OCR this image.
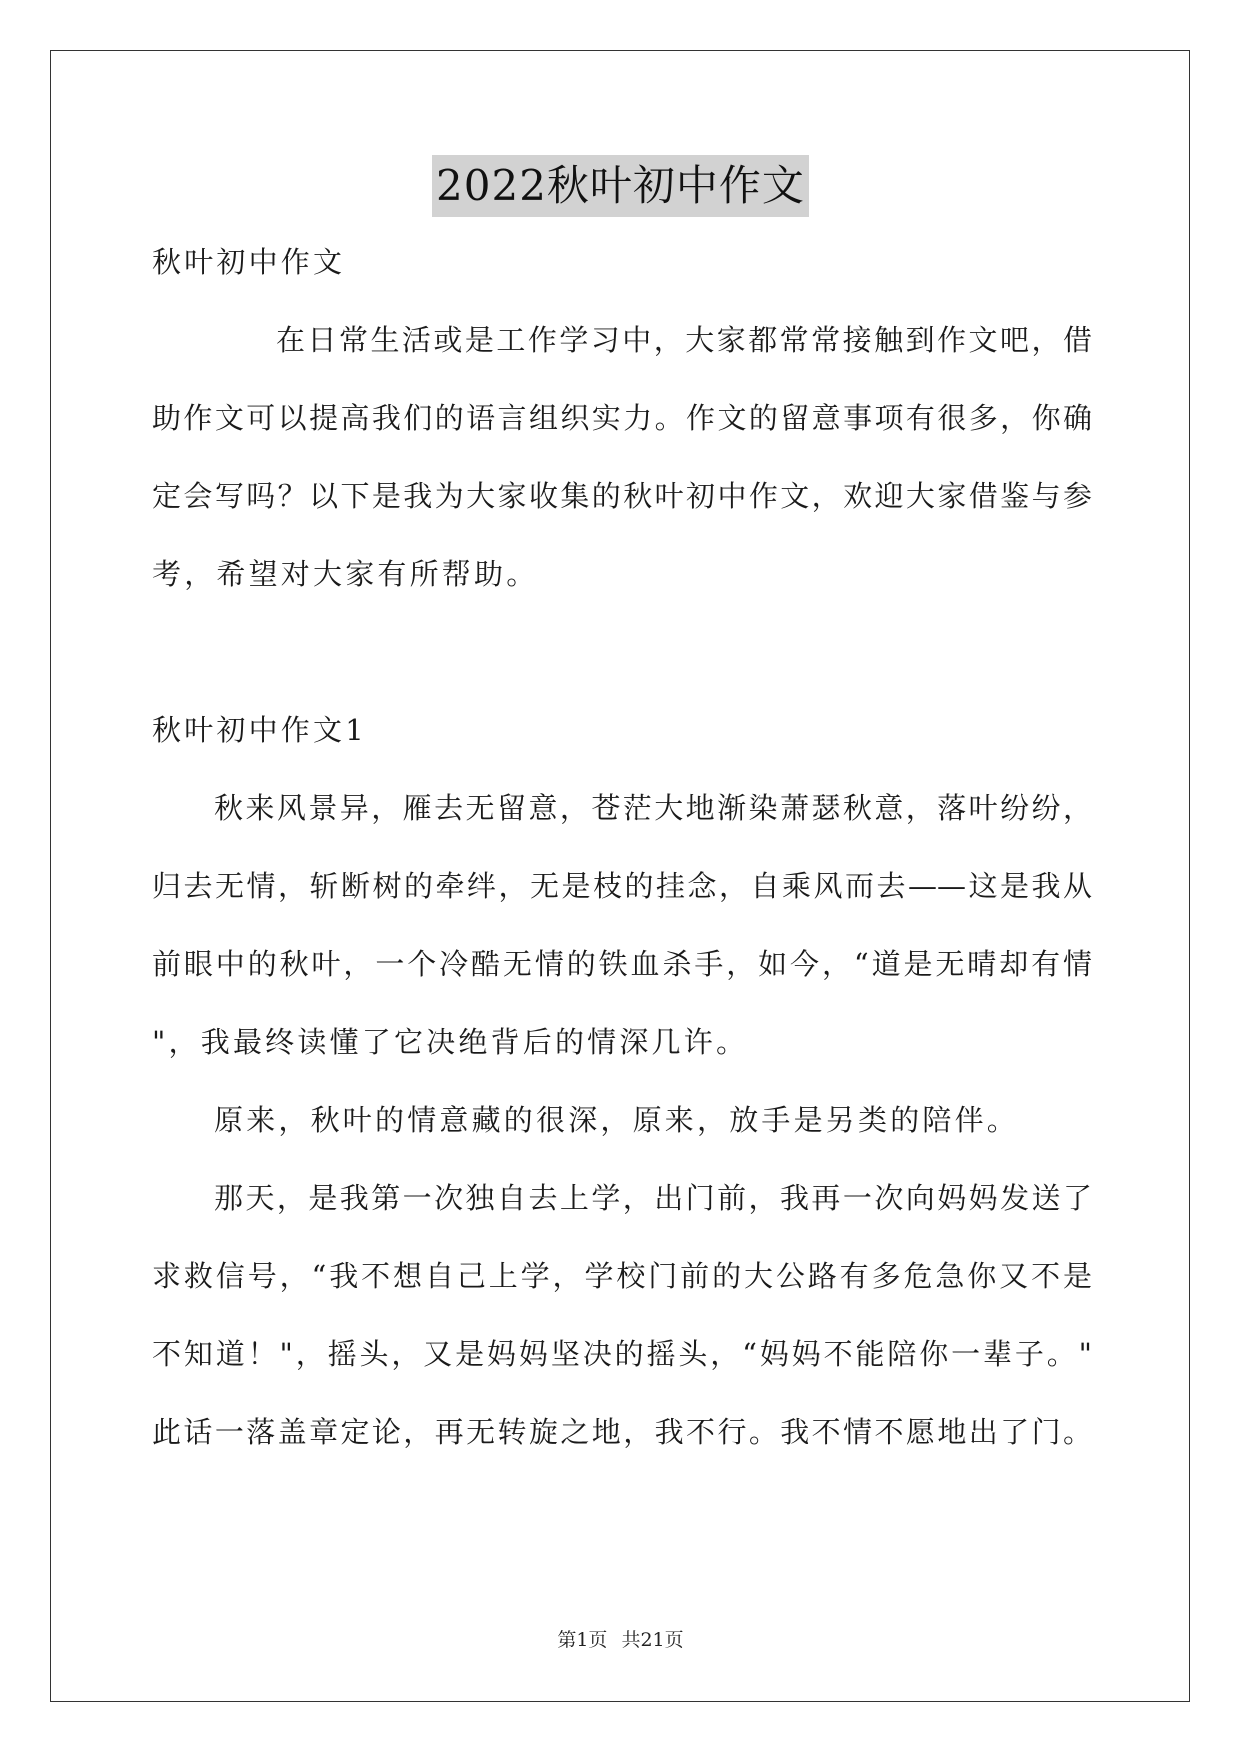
2022秋叶初中作文
秋叶初中作文
在日常生活或是工作学习中，大家都常常接触到作文吧，借
助作文可以提高我们的语言组织实力。作文的留意事项有很多，你确
定会写吗？以下是我为大家收集的秋叶初中作文，欢迎大家借鉴与参
考，希望对大家有所帮助。
秋叶初中作文1
秋来风景异，雁去无留意，苍茫大地渐染萧瑟秋意，落叶纷纷，
归去无情，斩断树的牵绊，无是枝的挂念，自乘风而去——这是我从
前眼中的秋叶，一个冷酷无情的铁血杀手，如今，“道是无晴却有情
"，我最终读懂了它决绝背后的情深几许。
原来，秋叶的情意藏的很深，原来，放手是另类的陪伴。
那天，是我第一次独自去上学，出门前，我再一次向妈妈发送了
求救信号，“我不想自己上学，学校门前的大公路有多危急你又不是
不知道！"，摇头，又是妈妈坚决的摇头，“妈妈不能陪你一辈子。"
此话一落盖章定论，再无转旋之地，我不行。我不情不愿地出了门。
第1页 共21页
